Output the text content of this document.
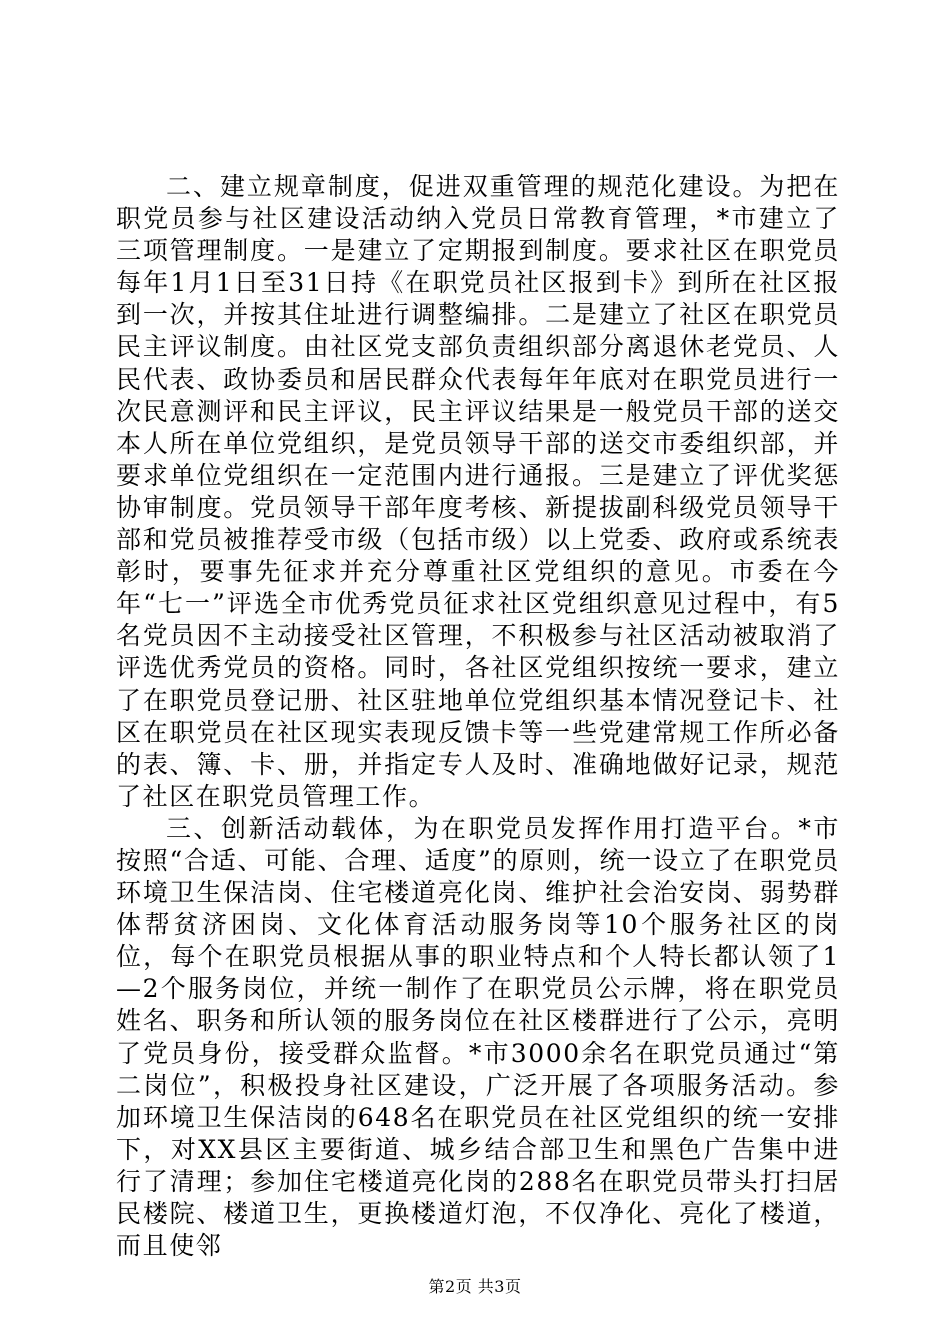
二、建立规章制度，促进双重管理的规范化建设。为把在职党员参与社区建设活动纳入党员日常教育管理，*市建立了三项管理制度。一是建立了定期报到制度。要求社区在职党员每年1月1日至31日持《在职党员社区报到卡》到所在社区报到一次，并按其住址进行调整编排。二是建立了社区在职党员民主评议制度。由社区党支部负责组织部分离退休老党员、人民代表、政协委员和居民群众代表每年年底对在职党员进行一次民意测评和民主评议，民主评议结果是一般党员干部的送交本人所在单位党组织，是党员领导干部的送交市委组织部，并要求单位党组织在一定范围内进行通报。三是建立了评优奖惩协审制度。党员领导干部年度考核、新提拔副科级党员领导干部和党员被推荐受市级（包括市级）以上党委、政府或系统表彰时，要事先征求并充分尊重社区党组织的意见。市委在今年“七一”评选全市优秀党员征求社区党组织意见过程中，有5名党员因不主动接受社区管理，不积极参与社区活动被取消了评选优秀党员的资格。同时，各社区党组织按统一要求，建立了在职党员登记册、社区驻地单位党组织基本情况登记卡、社区在职党员在社区现实表现反馈卡等一些党建常规工作所必备的表、簿、卡、册，并指定专人及时、准确地做好记录，规范了社区在职党员管理工作。

三、创新活动载体，为在职党员发挥作用打造平台。*市按照“合适、可能、合理、适度”的原则，统一设立了在职党员环境卫生保洁岗、住宅楼道亮化岗、维护社会治安岗、弱势群体帮贫济困岗、文化体育活动服务岗等10个服务社区的岗位，每个在职党员根据从事的职业特点和个人特长都认领了1—2个服务岗位，并统一制作了在职党员公示牌，将在职党员姓名、职务和所认领的服务岗位在社区楼群进行了公示，亮明了党员身份，接受群众监督。*市3000余名在职党员通过“第二岗位”，积极投身社区建设，广泛开展了各项服务活动。参加环境卫生保洁岗的648名在职党员在社区党组织的统一安排下，对XX县区主要街道、城乡结合部卫生和黑色广告集中进行了清理；参加住宅楼道亮化岗的288名在职党员带头打扫居民楼院、楼道卫生，更换楼道灯泡，不仅净化、亮化了楼道，而且使邻

第2页 共3页
